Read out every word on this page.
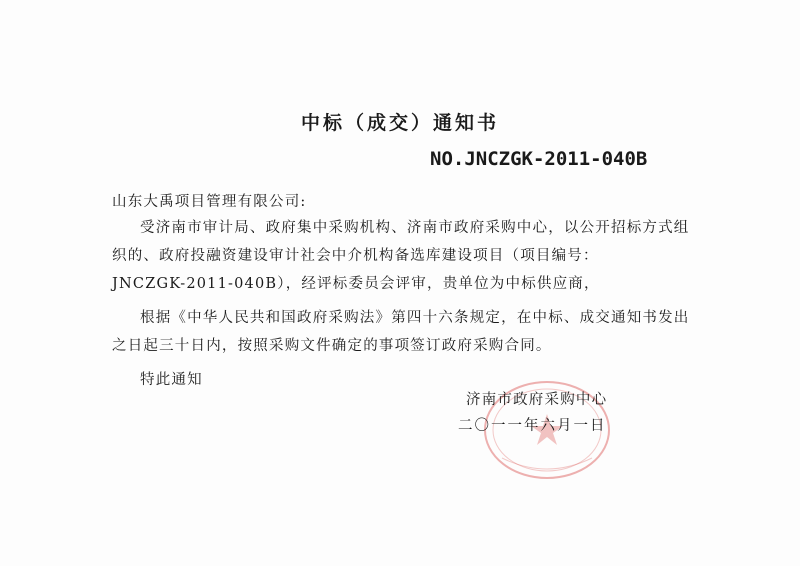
中标（成交）通知书
NO.JNCZGK-2011-040B
山东大禹项目管理有限公司:
受济南市审计局、政府集中采购机构、济南市政府采购中心，以公开招标方式组
织的、政府投融资建设审计社会中介机构备选库建设项目（项目编号：
JNCZGK-2011-040B），经评标委员会评审，贵单位为中标供应商，
根据《中华人民共和国政府采购法》第四十六条规定，在中标、成交通知书发出
之日起三十日内，按照采购文件确定的事项签订政府采购合同。
特此通知
济南市政府采购中心
二〇一一年六月一日
